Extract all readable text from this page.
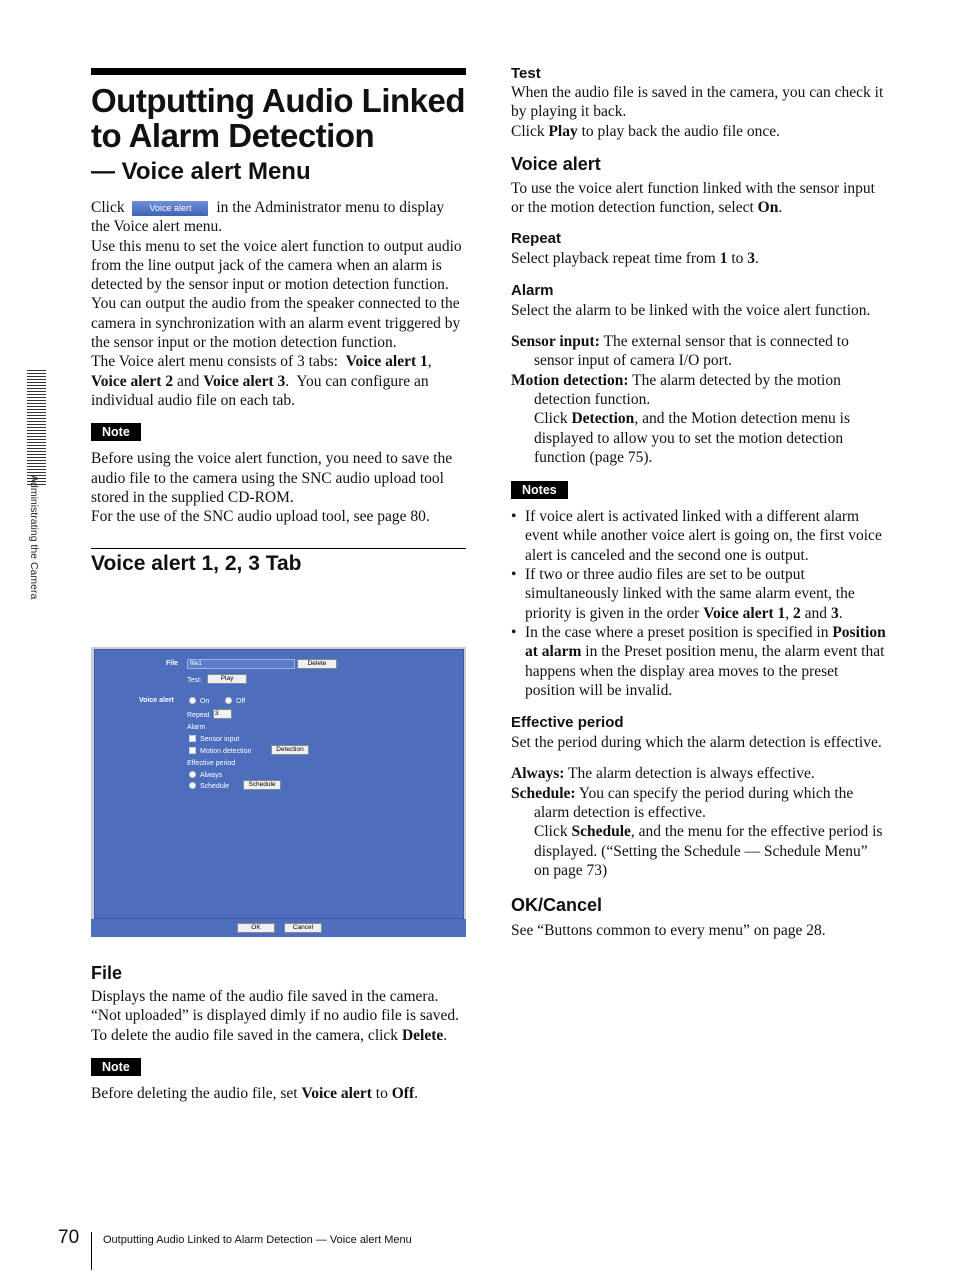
Outputting Audio Linked to Alarm Detection
— Voice alert Menu

Click	Voice alert in the Administrator menu to display the Voice alert menu.

Use this menu to set the voice alert function to output audio from the line output jack of the camera when an alarm is detected by the sensor input or motion detection function.

You can output the audio from the speaker connected to the camera in synchronization with an alarm event triggered by the sensor input or the motion detection function.

The Voice alert menu consists of 3 tabs: Voice alert 1, Voice alert 2 and Voice alert 3.  You can configure an individual audio file on each tab.

Note

Before using the voice alert function, you need to save the audio file to the camera using the SNC audio upload tool stored in the supplied CD-ROM.

For the use of the SNC audio upload tool, see page 80.

Voice alert 1, 2, 3 Tab
File	file1	Delete
Test:	Play
Voice alert	On	Off
Repeat 3
Alarm
Sensor input
Motion detection	Detection
Effective period
Always
Schedule	Schedule
OK	Cancel
File

Displays the name of the audio file saved in the camera. “Not uploaded” is displayed dimly if no audio file is saved.

To delete the audio file saved in the camera, click Delete.

Note

Before deleting the audio file, set Voice alert to Off.

Test

When the audio file is saved in the camera, you can check it by playing it back.

Click Play to play back the audio file once.

Voice alert

To use the voice alert function linked with the sensor input or the motion detection function, select On.

Repeat

Select playback repeat time from 1 to 3.

Alarm

Select the alarm to be linked with the voice alert function.

Sensor input: The external sensor that is connected to sensor input of camera I/O port.

Motion detection: The alarm detected by the motion detection function.

Click Detection, and the Motion detection menu is displayed to allow you to set the motion detection function (page 75).

Notes
• If voice alert is activated linked with a different alarm event while another voice alert is going on, the first voice alert is canceled and the second one is output.
• If two or three audio files are set to be output simultaneously linked with the same alarm event, the priority is given in the order Voice alert 1, 2 and 3.
• In the case where a preset position is specified in Position at alarm in the Preset position menu, the alarm event that happens when the display area moves to the preset position will be invalid.
Effective period

Set the period during which the alarm detection is effective.

Always: The alarm detection is always effective.

Schedule: You can specify the period during which the alarm detection is effective.

Click Schedule, and the menu for the effective period is displayed. (“Setting the Schedule — Schedule Menu” on page 73)

OK/Cancel

See “Buttons common to every menu” on page 28.

Administrating the Camera
70 Outputting Audio Linked to Alarm Detection — Voice alert Menu
